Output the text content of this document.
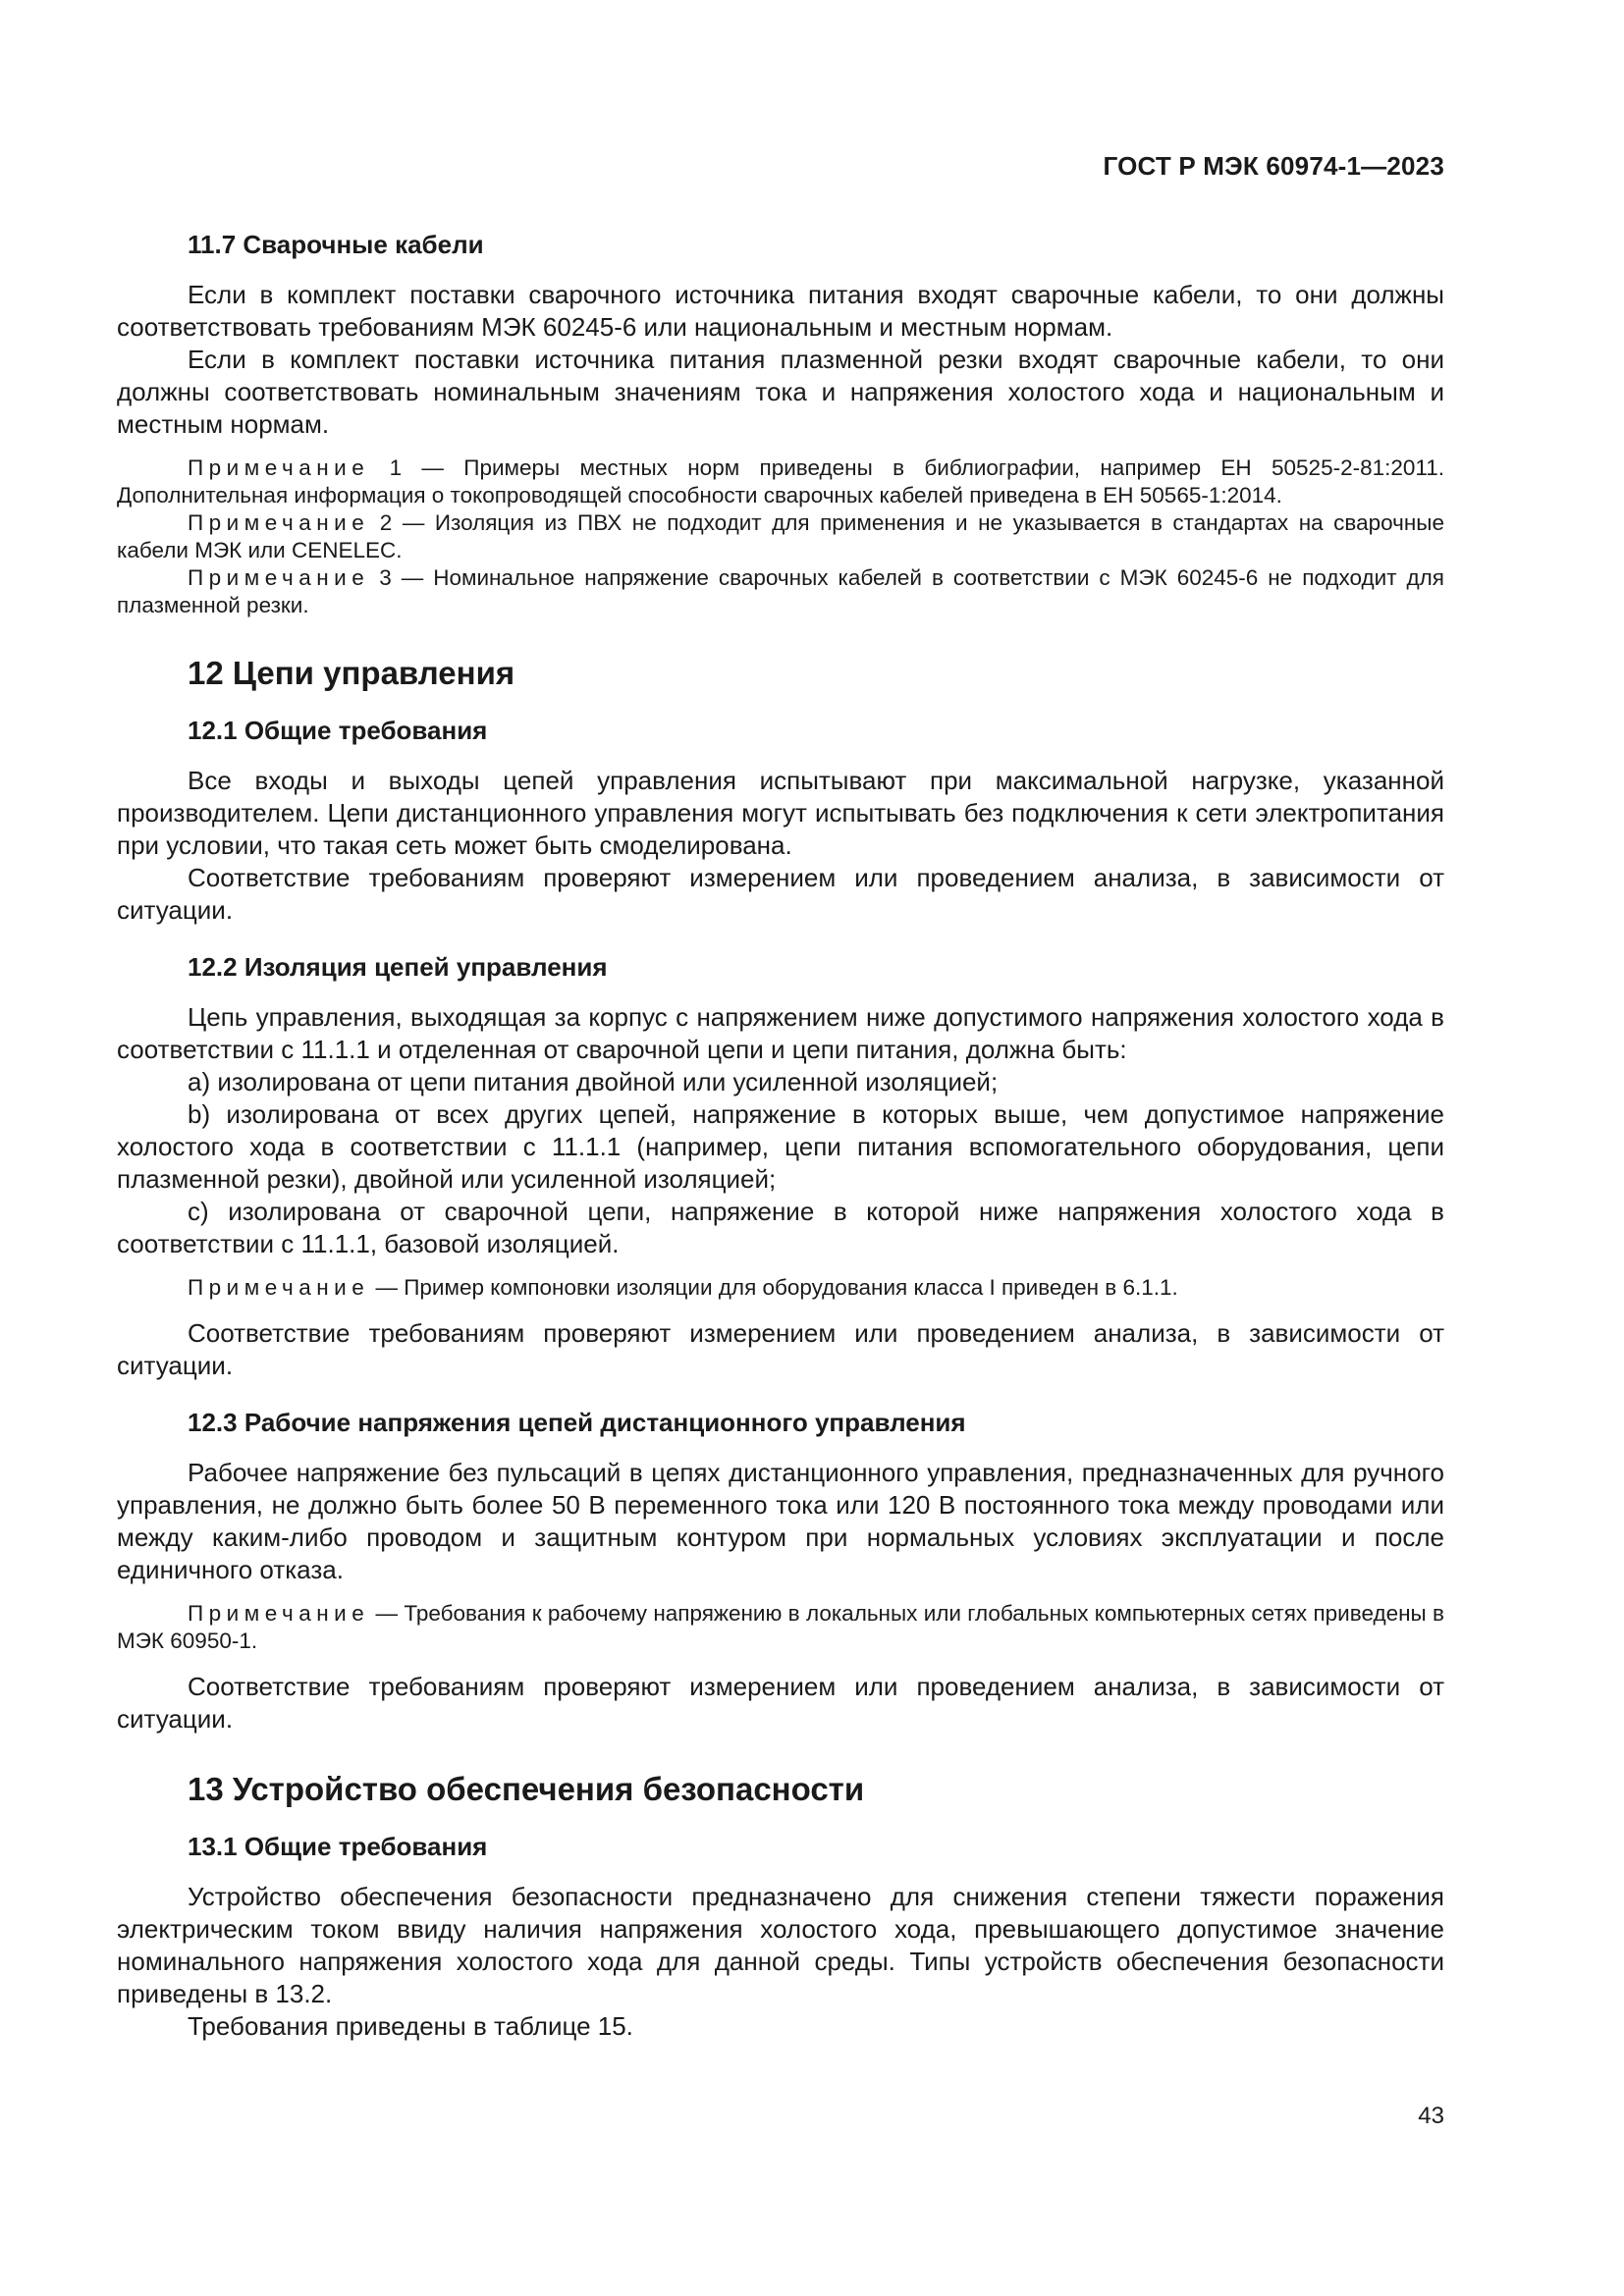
ГОСТ Р МЭК 60974-1—2023
11.7 Сварочные кабели

Если в комплект поставки сварочного источника питания входят сварочные кабели, то они должны соответствовать требованиям МЭК 60245-6 или национальным и местным нормам.

Если в комплект поставки источника питания плазменной резки входят сварочные кабели, то они должны соответствовать номинальным значениям тока и напряжения холостого хода и национальным и местным нормам.

Примечание 1 — Примеры местных норм приведены в библиографии, например ЕН 50525-2-81:2011. Дополнительная информация о токопроводящей способности сварочных кабелей приведена в ЕН 50565-1:2014.

Примечание 2 — Изоляция из ПВХ не подходит для применения и не указывается в стандартах на сварочные кабели МЭК или CENELEC.

Примечание 3 — Номинальное напряжение сварочных кабелей в соответствии с МЭК 60245-6 не подходит для плазменной резки.

12 Цепи управления
12.1 Общие требования

Все входы и выходы цепей управления испытывают при максимальной нагрузке, указанной производителем. Цепи дистанционного управления могут испытывать без подключения к сети электропитания при условии, что такая сеть может быть смоделирована.

Соответствие требованиям проверяют измерением или проведением анализа, в зависимости от ситуации.

12.2 Изоляция цепей управления

Цепь управления, выходящая за корпус с напряжением ниже допустимого напряжения холостого хода в соответствии с 11.1.1 и отделенная от сварочной цепи и цепи питания, должна быть:

a) изолирована от цепи питания двойной или усиленной изоляцией;

b) изолирована от всех других цепей, напряжение в которых выше, чем допустимое напряжение холостого хода в соответствии с 11.1.1 (например, цепи питания вспомогательного оборудования, цепи плазменной резки), двойной или усиленной изоляцией;

c) изолирована от сварочной цепи, напряжение в которой ниже напряжения холостого хода в соответствии с 11.1.1, базовой изоляцией.

Примечание — Пример компоновки изоляции для оборудования класса I приведен в 6.1.1.

Соответствие требованиям проверяют измерением или проведением анализа, в зависимости от ситуации.

12.3 Рабочие напряжения цепей дистанционного управления

Рабочее напряжение без пульсаций в цепях дистанционного управления, предназначенных для ручного управления, не должно быть более 50 В переменного тока или 120 В постоянного тока между проводами или между каким-либо проводом и защитным контуром при нормальных условиях эксплуатации и после единичного отказа.

Примечание — Требования к рабочему напряжению в локальных или глобальных компьютерных сетях приведены в МЭК 60950-1.

Соответствие требованиям проверяют измерением или проведением анализа, в зависимости от ситуации.

13 Устройство обеспечения безопасности
13.1 Общие требования

Устройство обеспечения безопасности предназначено для снижения степени тяжести поражения электрическим током ввиду наличия напряжения холостого хода, превышающего допустимое значение номинального напряжения холостого хода для данной среды. Типы устройств обеспечения безопасности приведены в 13.2.

Требования приведены в таблице 15.

43
